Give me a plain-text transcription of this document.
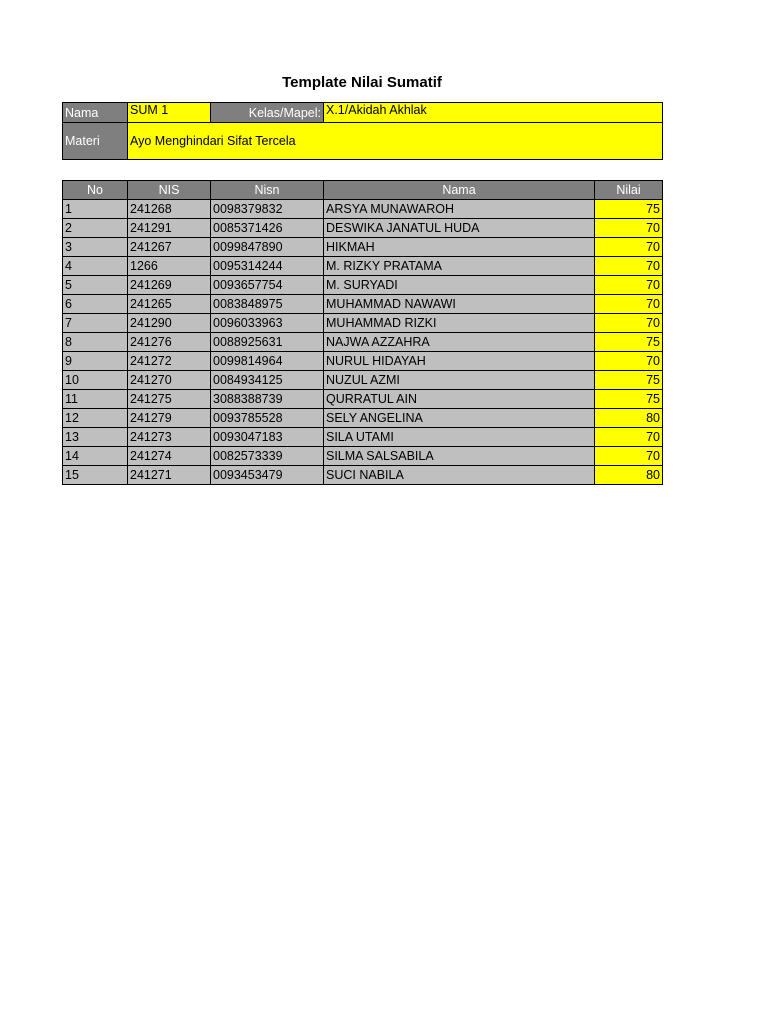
Template Nilai Sumatif
Nama	SUM 1	Kelas/Mapel:	X.1/Akidah Akhlak
Materi	Ayo Menghindari Sifat Tercela		
No	NIS	Nisn	Nama	Nilai
1	241268	0098379832	ARSYA MUNAWAROH	75
2	241291	0085371426	DESWIKA JANATUL HUDA	70
3	241267	0099847890	HIKMAH	70
4	1266	0095314244	M. RIZKY PRATAMA	70
5	241269	0093657754	M. SURYADI	70
6	241265	0083848975	MUHAMMAD NAWAWI	70
7	241290	0096033963	MUHAMMAD RIZKI	70
8	241276	0088925631	NAJWA AZZAHRA	75
9	241272	0099814964	NURUL HIDAYAH	70
10	241270	0084934125	NUZUL AZMI	75
11	241275	3088388739	QURRATUL AIN	75
12	241279	0093785528	SELY ANGELINA	80
13	241273	0093047183	SILA UTAMI	70
14	241274	0082573339	SILMA SALSABILA	70
15	241271	0093453479	SUCI NABILA	80
